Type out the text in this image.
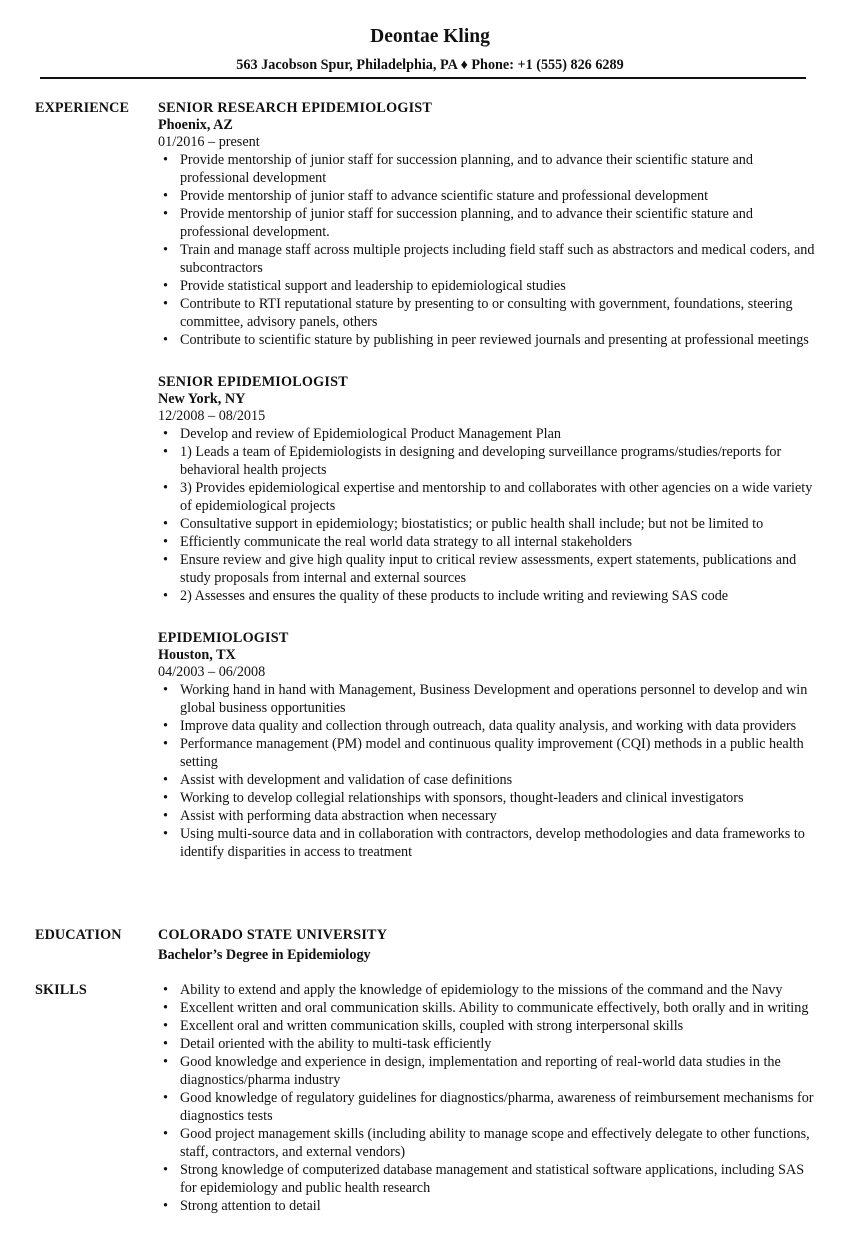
Deontae Kling
563 Jacobson Spur, Philadelphia, PA ♦ Phone: +1 (555) 826 6289
EXPERIENCE SENIOR RESEARCH EPIDEMIOLOGIST
Phoenix, AZ
01/2016 – present
• Provide mentorship of junior staff for succession planning, and to advance their scientific stature and professional development
• Provide mentorship of junior staff to advance scientific stature and professional development
• Provide mentorship of junior staff for succession planning, and to advance their scientific stature and professional development.
• Train and manage staff across multiple projects including field staff such as abstractors and medical coders, and subcontractors
• Provide statistical support and leadership to epidemiological studies
• Contribute to RTI reputational stature by presenting to or consulting with government, foundations, steering committee, advisory panels, others
• Contribute to scientific stature by publishing in peer reviewed journals and presenting at professional meetings
SENIOR EPIDEMIOLOGIST
New York, NY
12/2008 – 08/2015
• Develop and review of Epidemiological Product Management Plan
• 1) Leads a team of Epidemiologists in designing and developing surveillance programs/studies/reports for behavioral health projects
• 3) Provides epidemiological expertise and mentorship to and collaborates with other agencies on a wide variety of epidemiological projects
• Consultative support in epidemiology; biostatistics; or public health shall include; but not be limited to
• Efficiently communicate the real world data strategy to all internal stakeholders
• Ensure review and give high quality input to critical review assessments, expert statements, publications and study proposals from internal and external sources
• 2) Assesses and ensures the quality of these products to include writing and reviewing SAS code
EPIDEMIOLOGIST
Houston, TX
04/2003 – 06/2008
• Working hand in hand with Management, Business Development and operations personnel to develop and win global business opportunities
• Improve data quality and collection through outreach, data quality analysis, and working with data providers
• Performance management (PM) model and continuous quality improvement (CQI) methods in a public health setting
• Assist with development and validation of case definitions
• Working to develop collegial relationships with sponsors, thought-leaders and clinical investigators
• Assist with performing data abstraction when necessary
• Using multi-source data and in collaboration with contractors, develop methodologies and data frameworks to identify disparities in access to treatment
EDUCATION	COLORADO STATE UNIVERSITY
Bachelor’s Degree in Epidemiology
SKILLS
•	Ability to extend and apply the knowledge of epidemiology to the missions of the command and the Navy
• Excellent written and oral communication skills. Ability to communicate effectively, both orally and in writing
• Excellent oral and written communication skills, coupled with strong interpersonal skills
• Detail oriented with the ability to multi-task efficiently
• Good knowledge and experience in design, implementation and reporting of real-world data studies in the diagnostics/pharma industry
• Good knowledge of regulatory guidelines for diagnostics/pharma, awareness of reimbursement mechanisms for diagnostics tests
• Good project management skills (including ability to manage scope and effectively delegate to other functions, staff, contractors, and external vendors)
• Strong knowledge of computerized database management and statistical software applications, including SAS for epidemiology and public health research
• Strong attention to detail
